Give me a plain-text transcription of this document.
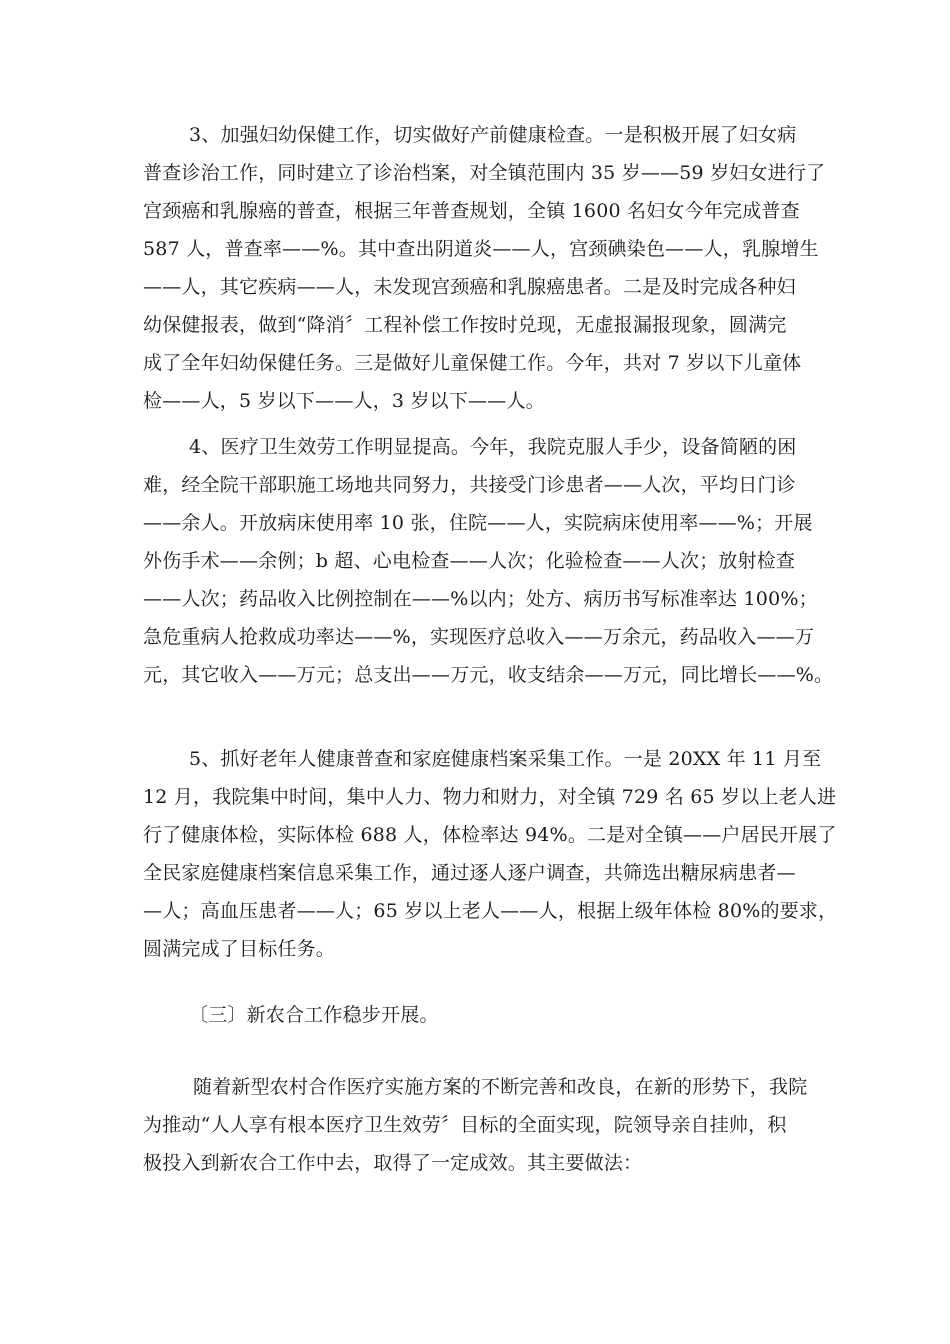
3、加强妇幼保健工作，切实做好产前健康检查。一是积极开展了妇女病
普查诊治工作，同时建立了诊治档案，对全镇范围内 35 岁——59 岁妇女进行了
宫颈癌和乳腺癌的普查，根据三年普查规划，全镇 1600 名妇女今年完成普查
587 人，普查率——%。其中查出阴道炎——人，宫颈碘染色——人，乳腺增生
——人，其它疾病——人，未发现宫颈癌和乳腺癌患者。二是及时完成各种妇
幼保健报表，做到“降消〞工程补偿工作按时兑现，无虚报漏报现象，圆满完
成了全年妇幼保健任务。三是做好儿童保健工作。今年，共对 7 岁以下儿童体
检——人，5 岁以下——人，3 岁以下——人。
4、医疗卫生效劳工作明显提高。今年，我院克服人手少，设备简陋的困
难，经全院干部职施工场地共同努力，共接受门诊患者——人次，平均日门诊
——余人。开放病床使用率 10 张，住院——人，实院病床使用率——%；开展
外伤手术——余例；b 超、心电检查——人次；化验检查——人次；放射检查
——人次；药品收入比例控制在——%以内；处方、病历书写标准率达 100%；
急危重病人抢救成功率达——%，实现医疗总收入——万余元，药品收入——万
元，其它收入——万元；总支出——万元，收支结余——万元，同比增长——%。
5、抓好老年人健康普查和家庭健康档案采集工作。一是 20XX 年 11 月至
12 月，我院集中时间，集中人力、物力和财力，对全镇 729 名 65 岁以上老人进
行了健康体检，实际体检 688 人，体检率达 94%。二是对全镇——户居民开展了
全民家庭健康档案信息采集工作，通过逐人逐户调查，共筛选出糖尿病患者—
—人；高血压患者——人；65 岁以上老人——人，根据上级年体检 80%的要求，
圆满完成了目标任务。
〔三〕新农合工作稳步开展。
随着新型农村合作医疗实施方案的不断完善和改良，在新的形势下，我院
为推动“人人享有根本医疗卫生效劳〞目标的全面实现，院领导亲自挂帅，积
极投入到新农合工作中去，取得了一定成效。其主要做法：
